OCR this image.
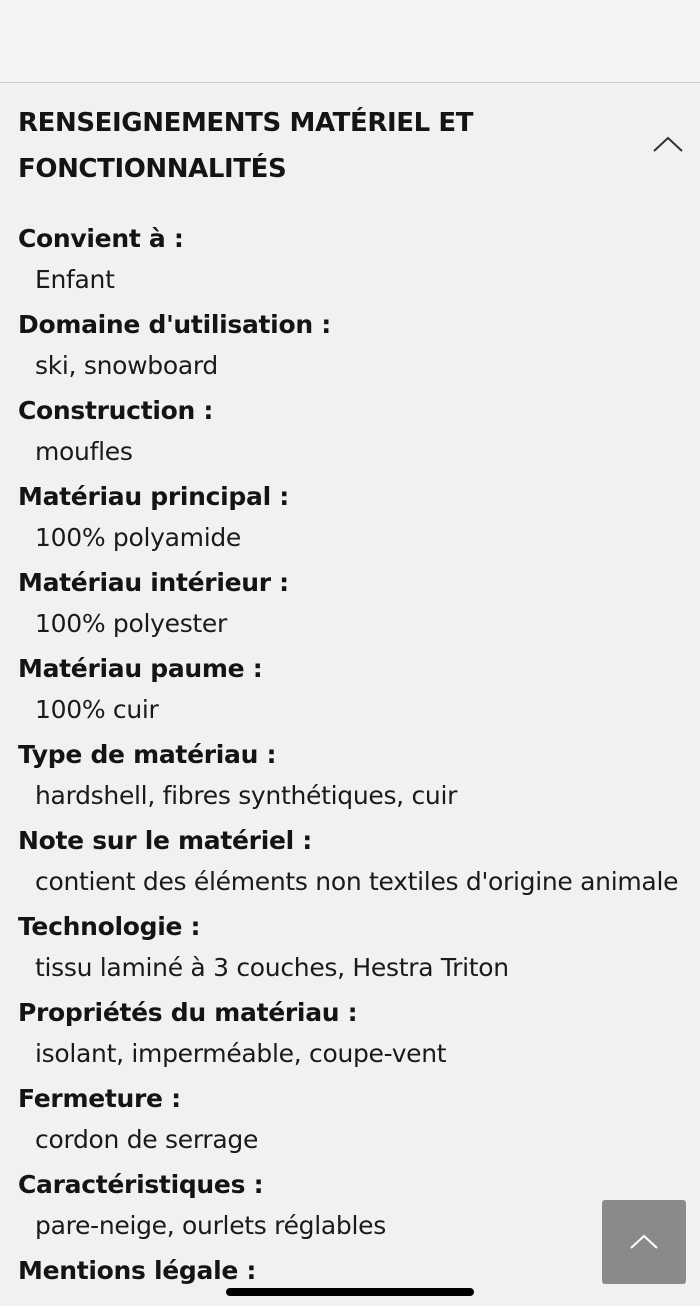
RENSEIGNEMENTS MATÉRIEL ET
FONCTIONNALITÉS
Convient à :
Enfant
Domaine d'utilisation :
ski, snowboard
Construction :
moufles
Matériau principal :
100% polyamide
Matériau intérieur :
100% polyester
Matériau paume :
100% cuir
Type de matériau :
hardshell, fibres synthétiques, cuir
Note sur le matériel :
contient des éléments non textiles d'origine animale
Technologie :
tissu laminé à 3 couches, Hestra Triton
Propriétés du matériau :
isolant, imperméable, coupe-vent
Fermeture :
cordon de serrage
Caractéristiques :
pare-neige, ourlets réglables
Mentions légale :
